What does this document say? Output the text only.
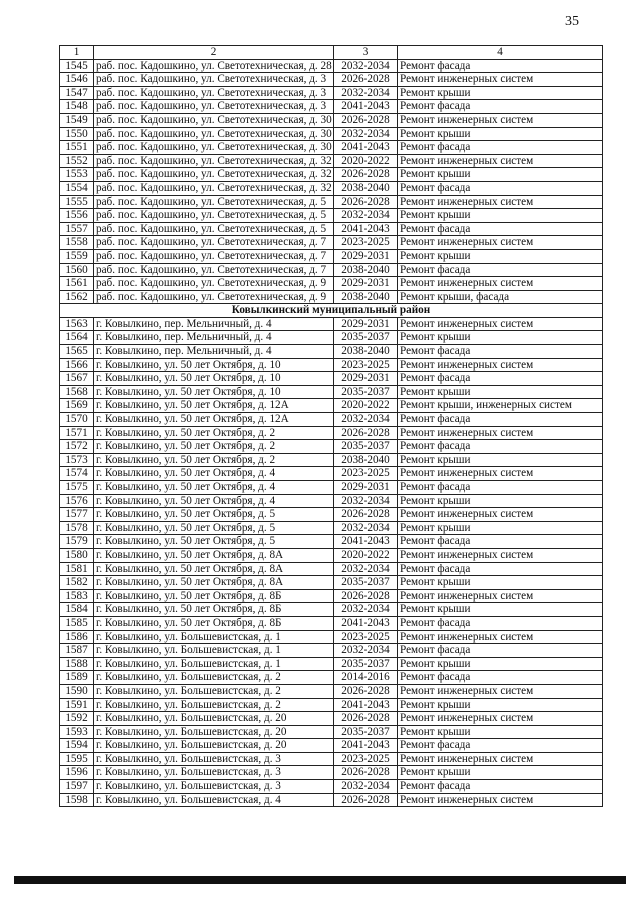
35
1	2	3	4
1545	раб. пос. Кадошкино, ул. Светотехническая, д. 28	2032-2034	Ремонт фасада
1546	раб. пос. Кадошкино, ул. Светотехническая, д. 3	2026-2028	Ремонт инженерных систем
1547	раб. пос. Кадошкино, ул. Светотехническая, д. 3	2032-2034	Ремонт крыши
1548	раб. пос. Кадошкино, ул. Светотехническая, д. 3	2041-2043	Ремонт фасада
1549	раб. пос. Кадошкино, ул. Светотехническая, д. 30	2026-2028	Ремонт инженерных систем
1550	раб. пос. Кадошкино, ул. Светотехническая, д. 30	2032-2034	Ремонт крыши
1551	раб. пос. Кадошкино, ул. Светотехническая, д. 30	2041-2043	Ремонт фасада
1552	раб. пос. Кадошкино, ул. Светотехническая, д. 32	2020-2022	Ремонт инженерных систем
1553	раб. пос. Кадошкино, ул. Светотехническая, д. 32	2026-2028	Ремонт крыши
1554	раб. пос. Кадошкино, ул. Светотехническая, д. 32	2038-2040	Ремонт фасада
1555	раб. пос. Кадошкино, ул. Светотехническая, д. 5	2026-2028	Ремонт инженерных систем
1556	раб. пос. Кадошкино, ул. Светотехническая, д. 5	2032-2034	Ремонт крыши
1557	раб. пос. Кадошкино, ул. Светотехническая, д. 5	2041-2043	Ремонт фасада
1558	раб. пос. Кадошкино, ул. Светотехническая, д. 7	2023-2025	Ремонт инженерных систем
1559	раб. пос. Кадошкино, ул. Светотехническая, д. 7	2029-2031	Ремонт крыши
1560	раб. пос. Кадошкино, ул. Светотехническая, д. 7	2038-2040	Ремонт фасада
1561	раб. пос. Кадошкино, ул. Светотехническая, д. 9	2029-2031	Ремонт инженерных систем
1562	раб. пос. Кадошкино, ул. Светотехническая, д. 9	2038-2040	Ремонт крыши, фасада
Ковылкинский муниципальный район			
1563	г. Ковылкино, пер. Мельничный, д. 4	2029-2031	Ремонт инженерных систем
1564	г. Ковылкино, пер. Мельничный, д. 4	2035-2037	Ремонт крыши
1565	г. Ковылкино, пер. Мельничный, д. 4	2038-2040	Ремонт фасада
1566	г. Ковылкино, ул. 50 лет Октября, д. 10	2023-2025	Ремонт инженерных систем
1567	г. Ковылкино, ул. 50 лет Октября, д. 10	2029-2031	Ремонт фасада
1568	г. Ковылкино, ул. 50 лет Октября, д. 10	2035-2037	Ремонт крыши
1569	г. Ковылкино, ул. 50 лет Октября, д. 12А	2020-2022	Ремонт крыши, инженерных систем
1570	г. Ковылкино, ул. 50 лет Октября, д. 12А	2032-2034	Ремонт фасада
1571	г. Ковылкино, ул. 50 лет Октября, д. 2	2026-2028	Ремонт инженерных систем
1572	г. Ковылкино, ул. 50 лет Октября, д. 2	2035-2037	Ремонт фасада
1573	г. Ковылкино, ул. 50 лет Октября, д. 2	2038-2040	Ремонт крыши
1574	г. Ковылкино, ул. 50 лет Октября, д. 4	2023-2025	Ремонт инженерных систем
1575	г. Ковылкино, ул. 50 лет Октября, д. 4	2029-2031	Ремонт фасада
1576	г. Ковылкино, ул. 50 лет Октября, д. 4	2032-2034	Ремонт крыши
1577	г. Ковылкино, ул. 50 лет Октября, д. 5	2026-2028	Ремонт инженерных систем
1578	г. Ковылкино, ул. 50 лет Октября, д. 5	2032-2034	Ремонт крыши
1579	г. Ковылкино, ул. 50 лет Октября, д. 5	2041-2043	Ремонт фасада
1580	г. Ковылкино, ул. 50 лет Октября, д. 8А	2020-2022	Ремонт инженерных систем
1581	г. Ковылкино, ул. 50 лет Октября, д. 8А	2032-2034	Ремонт фасада
1582	г. Ковылкино, ул. 50 лет Октября, д. 8А	2035-2037	Ремонт крыши
1583	г. Ковылкино, ул. 50 лет Октября, д. 8Б	2026-2028	Ремонт инженерных систем
1584	г. Ковылкино, ул. 50 лет Октября, д. 8Б	2032-2034	Ремонт крыши
1585	г. Ковылкино, ул. 50 лет Октября, д. 8Б	2041-2043	Ремонт фасада
1586	г. Ковылкино, ул. Большевистская, д. 1	2023-2025	Ремонт инженерных систем
1587	г. Ковылкино, ул. Большевистская, д. 1	2032-2034	Ремонт фасада
1588	г. Ковылкино, ул. Большевистская, д. 1	2035-2037	Ремонт крыши
1589	г. Ковылкино, ул. Большевистская, д. 2	2014-2016	Ремонт фасада
1590	г. Ковылкино, ул. Большевистская, д. 2	2026-2028	Ремонт инженерных систем
1591	г. Ковылкино, ул. Большевистская, д. 2	2041-2043	Ремонт крыши
1592	г. Ковылкино, ул. Большевистская, д. 20	2026-2028	Ремонт инженерных систем
1593	г. Ковылкино, ул. Большевистская, д. 20	2035-2037	Ремонт крыши
1594	г. Ковылкино, ул. Большевистская, д. 20	2041-2043	Ремонт фасада
1595	г. Ковылкино, ул. Большевистская, д. 3	2023-2025	Ремонт инженерных систем
1596	г. Ковылкино, ул. Большевистская, д. 3	2026-2028	Ремонт крыши
1597	г. Ковылкино, ул. Большевистская, д. 3	2032-2034	Ремонт фасада
1598	г. Ковылкино, ул. Большевистская, д. 4	2026-2028	Ремонт инженерных систем
